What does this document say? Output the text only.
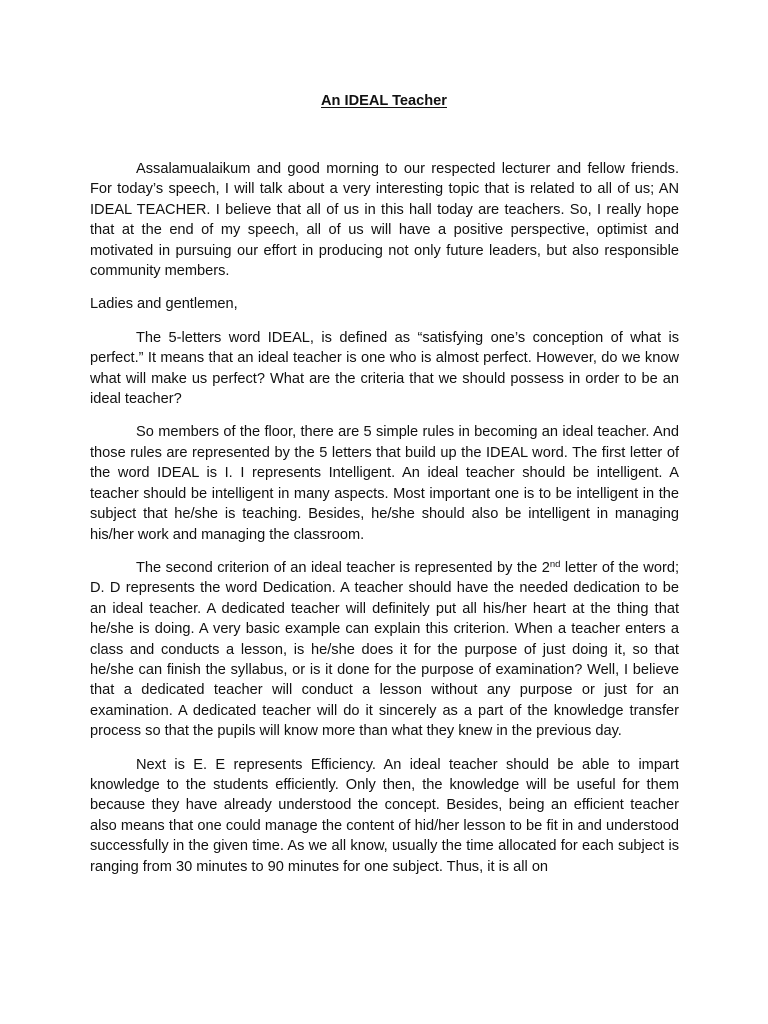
An IDEAL Teacher

Assalamualaikum and good morning to our respected lecturer and fellow friends. For today’s speech, I will talk about a very interesting topic that is related to all of us; AN IDEAL TEACHER. I believe that all of us in this hall today are teachers. So, I really hope that at the end of my speech, all of us will have a positive perspective, optimist and motivated in pursuing our effort in producing not only future leaders, but also responsible community members.

Ladies and gentlemen,

The 5-letters word IDEAL, is defined as “satisfying one’s conception of what is perfect.” It means that an ideal teacher is one who is almost perfect. However, do we know what will make us perfect? What are the criteria that we should possess in order to be an ideal teacher?

So members of the floor, there are 5 simple rules in becoming an ideal teacher. And those rules are represented by the 5 letters that build up the IDEAL word. The first letter of the word IDEAL is I. I represents Intelligent. An ideal teacher should be intelligent. A teacher should be intelligent in many aspects. Most important one is to be intelligent in the subject that he/she is teaching. Besides, he/she should also be intelligent in managing his/her work and managing the classroom.

The second criterion of an ideal teacher is represented by the 2nd letter of the word; D. D represents the word Dedication. A teacher should have the needed dedication to be an ideal teacher. A dedicated teacher will definitely put all his/her heart at the thing that he/she is doing. A very basic example can explain this criterion. When a teacher enters a class and conducts a lesson, is he/she does it for the purpose of just doing it, so that he/she can finish the syllabus, or is it done for the purpose of examination? Well, I believe that a dedicated teacher will conduct a lesson without any purpose or just for an examination. A dedicated teacher will do it sincerely as a part of the knowledge transfer process so that the pupils will know more than what they knew in the previous day.

Next is E. E represents Efficiency. An ideal teacher should be able to impart knowledge to the students efficiently. Only then, the knowledge will be useful for them because they have already understood the concept. Besides, being an efficient teacher also means that one could manage the content of hid/her lesson to be fit in and understood successfully in the given time. As we all know, usually the time allocated for each subject is ranging from 30 minutes to 90 minutes for one subject. Thus, it is all on
